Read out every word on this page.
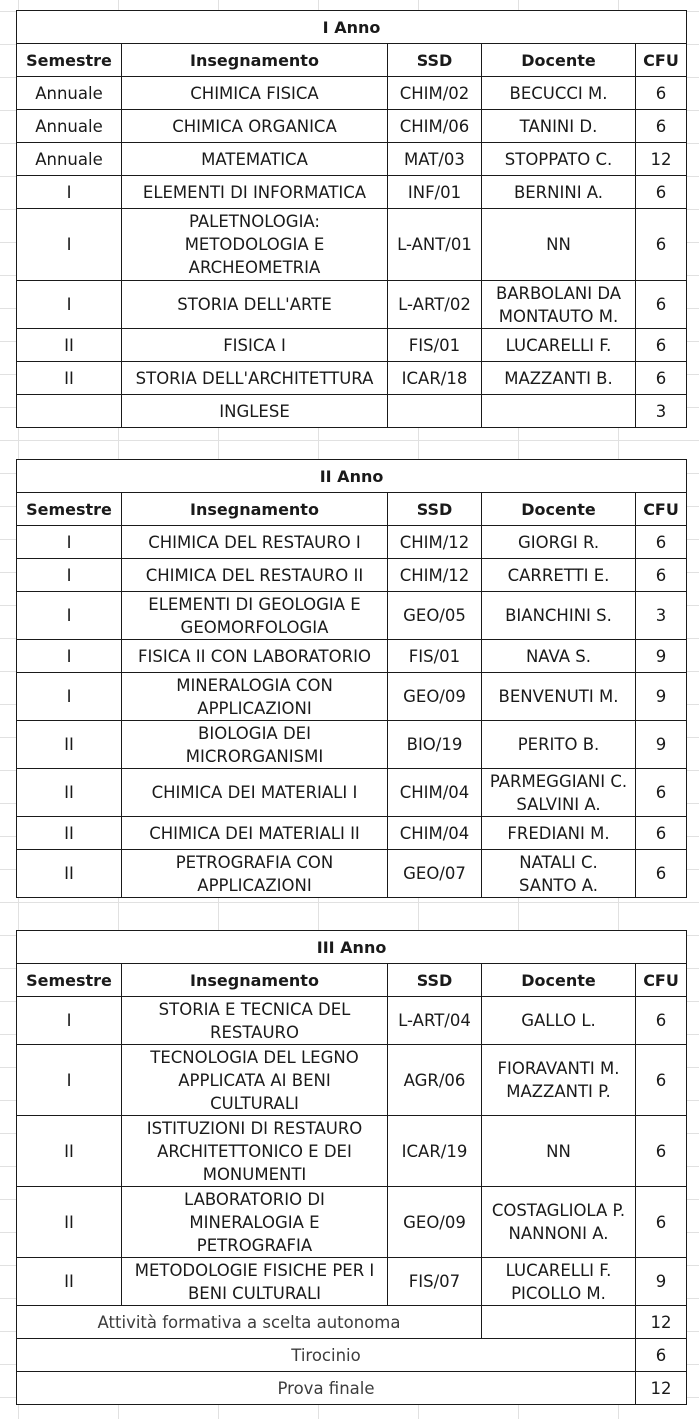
I Anno				
Semestre	Insegnamento	SSD	Docente	CFU
Annuale	CHIMICA FISICA	CHIM/02	BECUCCI M.	6
Annuale	CHIMICA ORGANICA	CHIM/06	TANINI D.	6
Annuale	MATEMATICA	MAT/03	STOPPATO C.	12
I	ELEMENTI DI INFORMATICA	INF/01	BERNINI A.	6
I	PALETNOLOGIA: METODOLOGIA E ARCHEOMETRIA	L-ANT/01	NN	6
I	STORIA DELL'ARTE	L-ART/02	BARBOLANI DA MONTAUTO M.	6
II	FISICA I	FIS/01	LUCARELLI F.	6
II	STORIA DELL'ARCHITETTURA	ICAR/18	MAZZANTI B.	6
	INGLESE			3
II Anno				
Semestre	Insegnamento	SSD	Docente	CFU
I	CHIMICA DEL RESTAURO I	CHIM/12	GIORGI R.	6
I	CHIMICA DEL RESTAURO II	CHIM/12	CARRETTI E.	6
I	ELEMENTI DI GEOLOGIA E GEOMORFOLOGIA	GEO/05	BIANCHINI S.	3
I	FISICA II CON LABORATORIO	FIS/01	NAVA S.	9
I	MINERALOGIA CON APPLICAZIONI	GEO/09	BENVENUTI M.	9
II	BIOLOGIA DEI MICRORGANISMI	BIO/19	PERITO B.	9
II	CHIMICA DEI MATERIALI I	CHIM/04	PARMEGGIANI C. SALVINI A.	6
II	CHIMICA DEI MATERIALI II	CHIM/04	FREDIANI M.	6
II	PETROGRAFIA CON APPLICAZIONI	GEO/07	NATALI C. SANTO A.	6
III Anno				
Semestre	Insegnamento	SSD	Docente	CFU
I	STORIA E TECNICA DEL RESTAURO	L-ART/04	GALLO L.	6
I	TECNOLOGIA DEL LEGNO APPLICATA AI BENI CULTURALI	AGR/06	FIORAVANTI M. MAZZANTI P.	6
II	ISTITUZIONI DI RESTAURO ARCHITETTONICO E DEI MONUMENTI	ICAR/19	NN	6
II	LABORATORIO DI MINERALOGIA E PETROGRAFIA	GEO/09	COSTAGLIOLA P. NANNONI A.	6
II	METODOLOGIE FISICHE PER I BENI CULTURALI	FIS/07	LUCARELLI F. PICOLLO M.	9
Attività formativa a scelta autonoma				12
Tirocinio				6
Prova finale				12
